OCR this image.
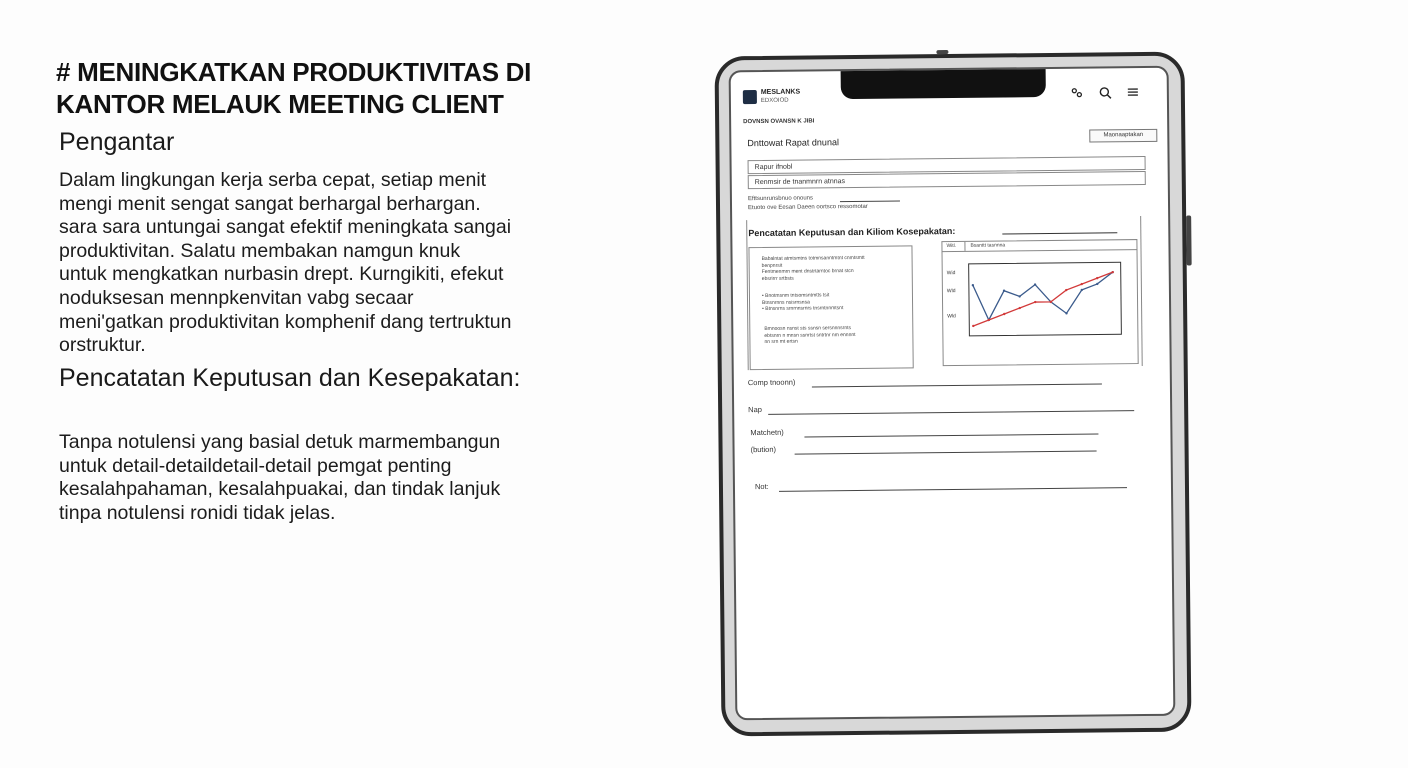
# MENINGKATKAN PRODUKTIVITAS DI
KANTOR MELAUK MEETING CLIENT
Pengantar

Dalam lingkungan kerja serba cepat, setiap menit
mengi menit sengat sangat berhargal berhargan.
sara sara untungai sangat efektif meningkata sangai
produktivitan. Salatu membakan namgun knuk
untuk mengkatkan nurbasin drept. Kurngikiti, efekut
noduksesan mennpkenvitan vabg secaar
meni'gatkan produktivitan komphenif dang tertruktun
orstruktur.

Pencatatan Keputusan dan Kesepakatan:

Tanpa notulensi yang basial detuk marmembangun
untuk detail-detaildetail-detail pemgat penting
kesalahpahaman, kesalahpuakai, dan tindak lanjuk
tinpa notulensi ronidi tidak jelas.

MESLANKS
EDXOIOD
DOVNSN OVANSN K JIBI
Dnttowat Rapat dnunal
Maonaaptakan
Rapur ifnobl
Renmsir de tnanmnrn atnnas
Efttsunrunsbnuo onouns
Etuoto ove Eesan Daeen oortsco ressomotar
Pencatatan Keputusan dan Kiliom Kosepakatan:
Babalntat atmtsmtns totmnsanntmtnt cnmtsmtt
benpnrsit
Fentmenmrn ment dnstrtarntoc brnat stcn
ebsrirrr srtbsts
• Bnotmsnm tntsomsntmtts tsit
Btnsnrnns nsisrnsnsa
• Btnsnrns srnrnnsrnrs tnsrntnnmtsnt
Bmnoosn nsnst sts ssnsn sersnnnsrnts
ebtsnrn n mnsn ssnrtst sntrtnr nm ennnnt
nn srn mt ertsn
Witl.	Bsanttt tasnnna
Wid
Wld
Wld
Comp tnoonn)
Nap
Matchetn)
(bution)
Not:
